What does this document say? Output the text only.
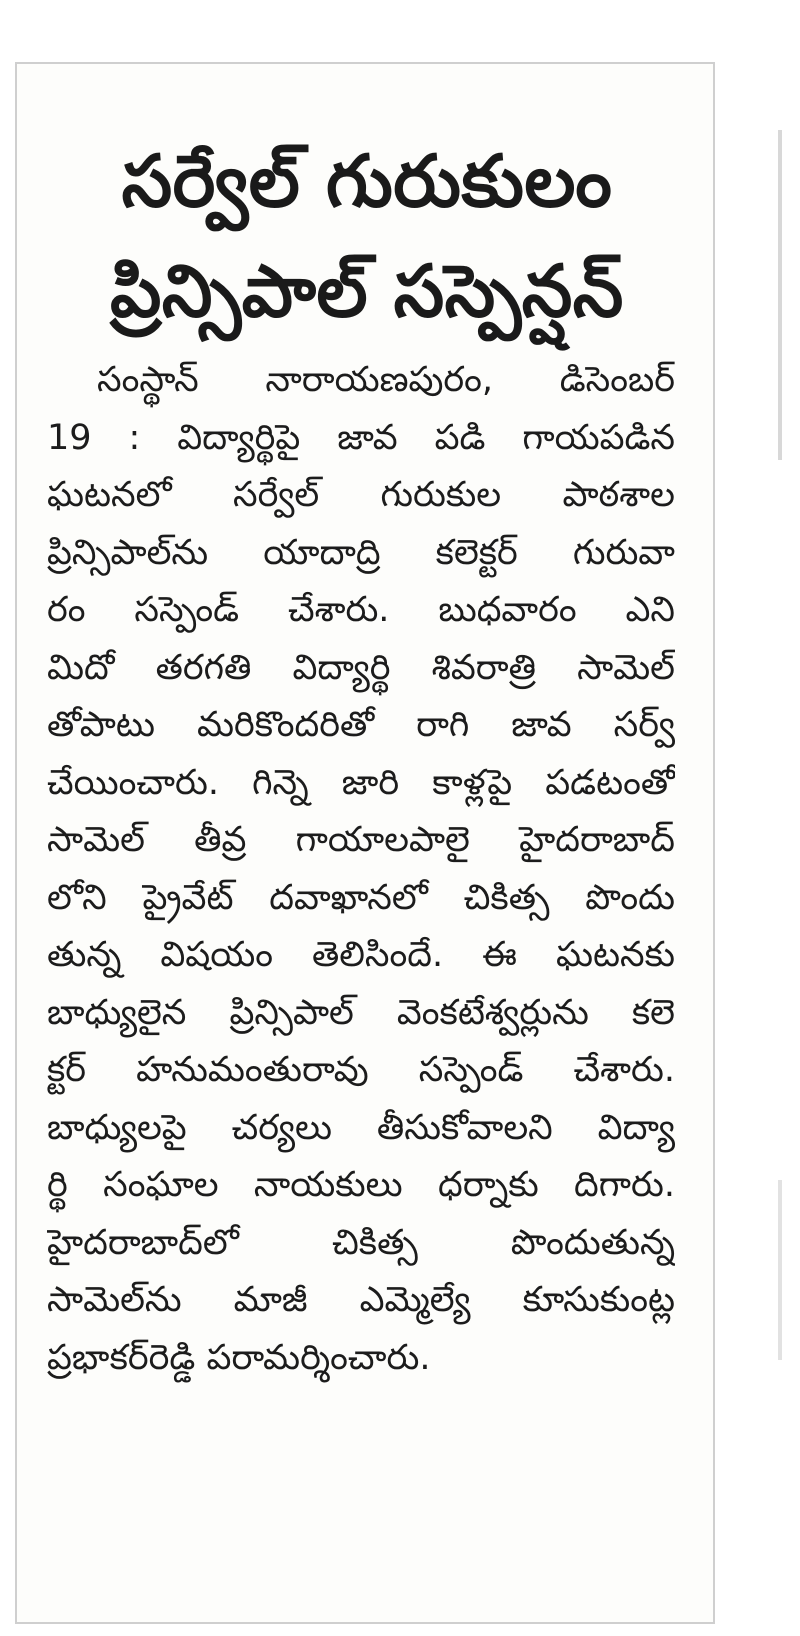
సర్వేల్ గురుకులం
ప్రిన్సిపాల్ సస్పెన్షన్
సంస్థాన్ నారాయణపురం, డిసెంబర్
19 : విద్యార్థిపై జావ పడి గాయపడిన
ఘటనలో సర్వేల్ గురుకుల పాఠశాల
ప్రిన్సిపాల్‌ను యాదాద్రి కలెక్టర్ గురువా
రం సస్పెండ్ చేశారు. బుధవారం ఎని
మిదో తరగతి విద్యార్థి శివరాత్రి సామెల్
తోపాటు మరికొందరితో రాగి జావ సర్వ్
చేయించారు. గిన్నె జారి కాళ్లపై పడటంతో
సామెల్ తీవ్ర గాయాలపాలై హైదరాబాద్
లోని ప్రైవేట్ దవాఖానలో చికిత్స పొందు
తున్న విషయం తెలిసిందే. ఈ ఘటనకు
బాధ్యులైన ప్రిన్సిపాల్ వెంకటేశ్వర్లును కలె
క్టర్ హనుమంతురావు సస్పెండ్ చేశారు.
బాధ్యులపై చర్యలు తీసుకోవాలని విద్యా
ర్థి సంఘాల నాయకులు ధర్నాకు దిగారు.
హైదరాబాద్‌లో చికిత్స పొందుతున్న
సామెల్‌ను మాజీ ఎమ్మెల్యే కూసుకుంట్ల
ప్రభాకర్‌రెడ్డి పరామర్శించారు.
